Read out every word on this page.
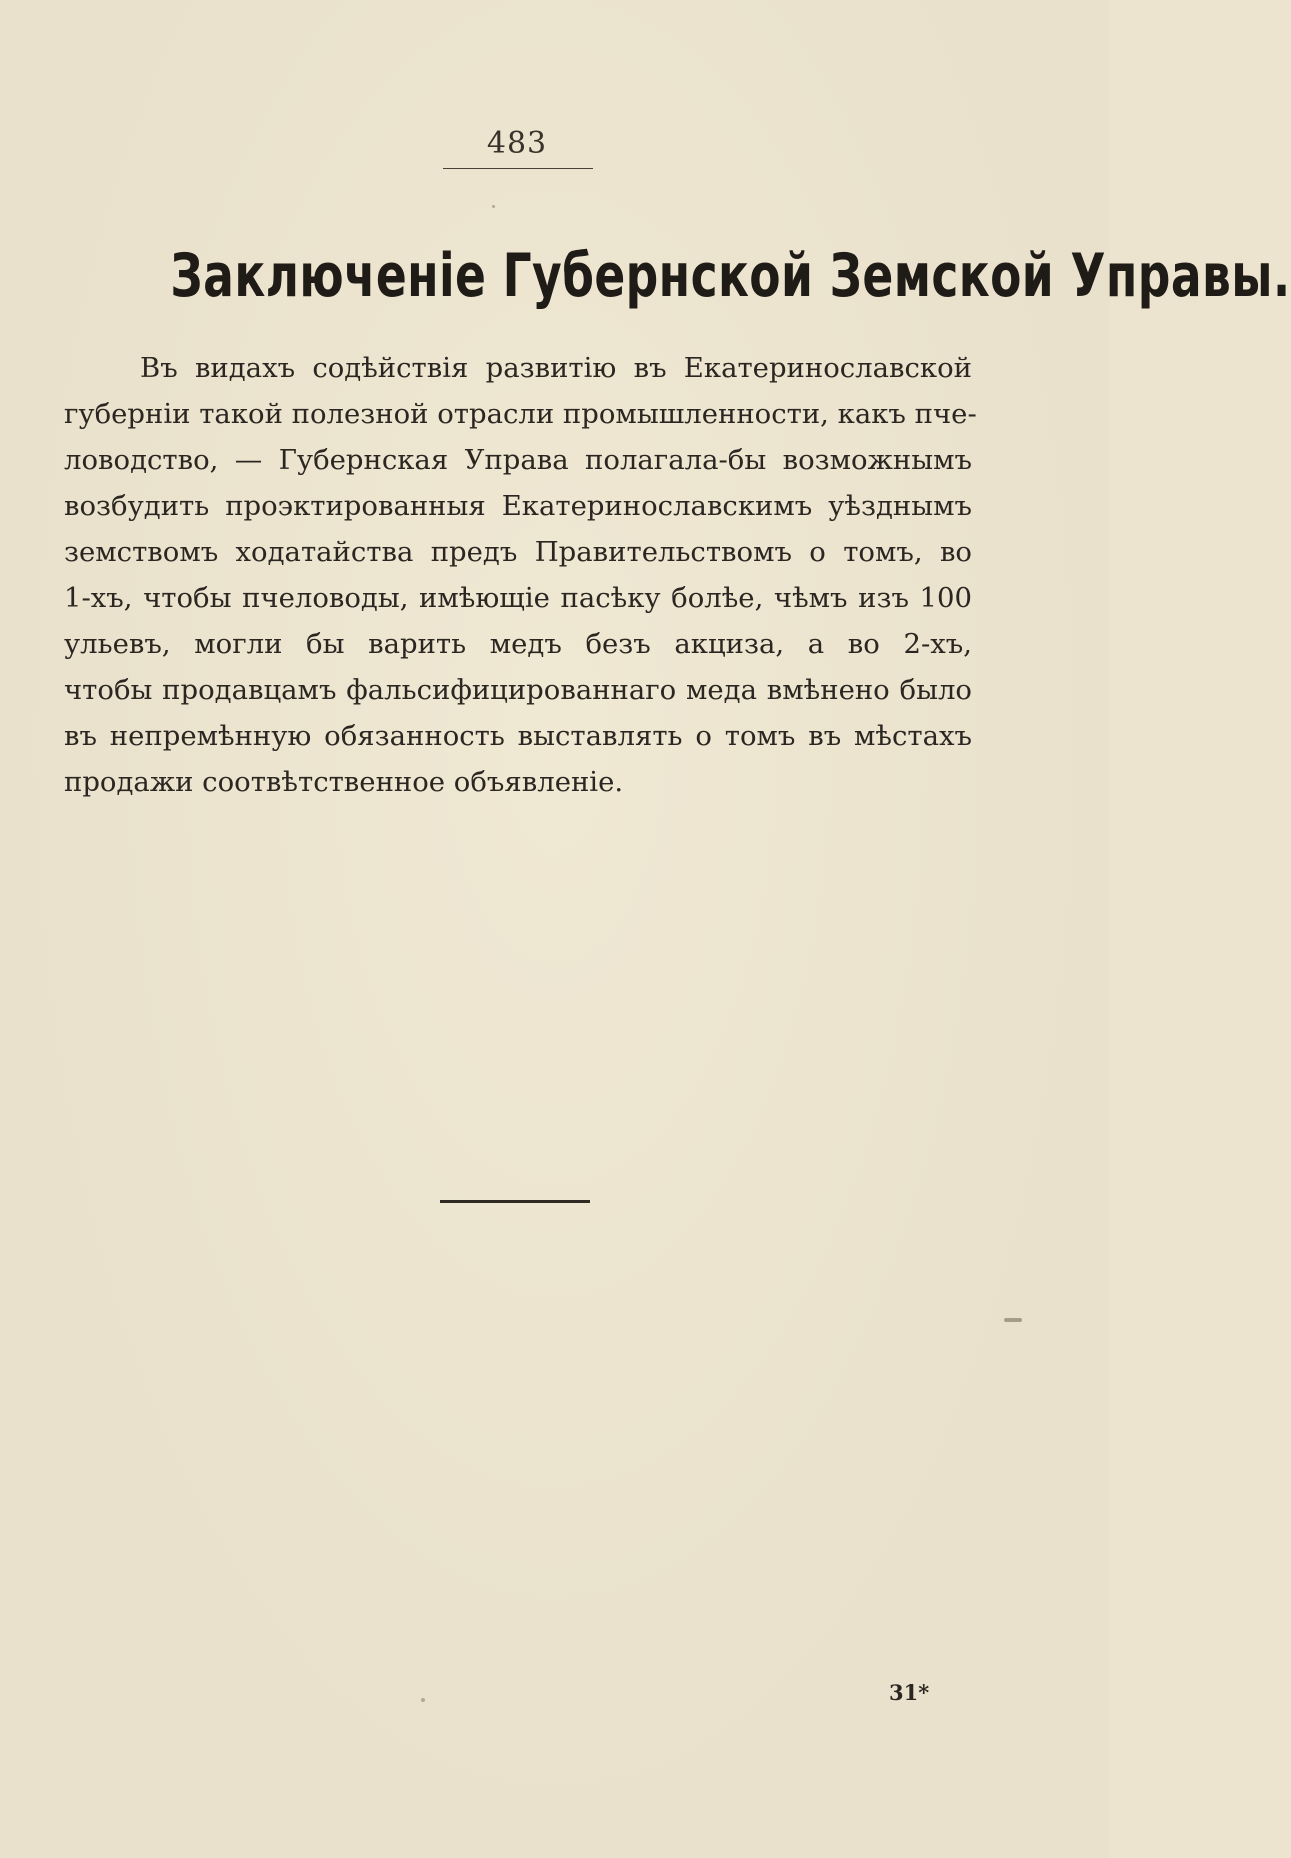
483
Заключеніе Губернской Земской Управы.
Въ видахъ содѣйствія развитію въ Екатеринославской
губерніи такой полезной отрасли промышленности, какъ пче-
ловодство, — Губернская Управа полагала-бы возможнымъ
возбудить проэктированныя Екатеринославскимъ уѣзднымъ
земствомъ ходатайства предъ Правительствомъ о томъ, во
1-хъ, чтобы пчеловоды, имѣющіе пасѣку болѣе, чѣмъ изъ 100
ульевъ, могли бы варить медъ безъ акциза, а во 2-хъ,
чтобы продавцамъ фальсифицированнаго меда вмѣнено было
въ непремѣнную обязанность выставлять о томъ въ мѣстахъ
продажи соотвѣтственное объявленіе.
31*
